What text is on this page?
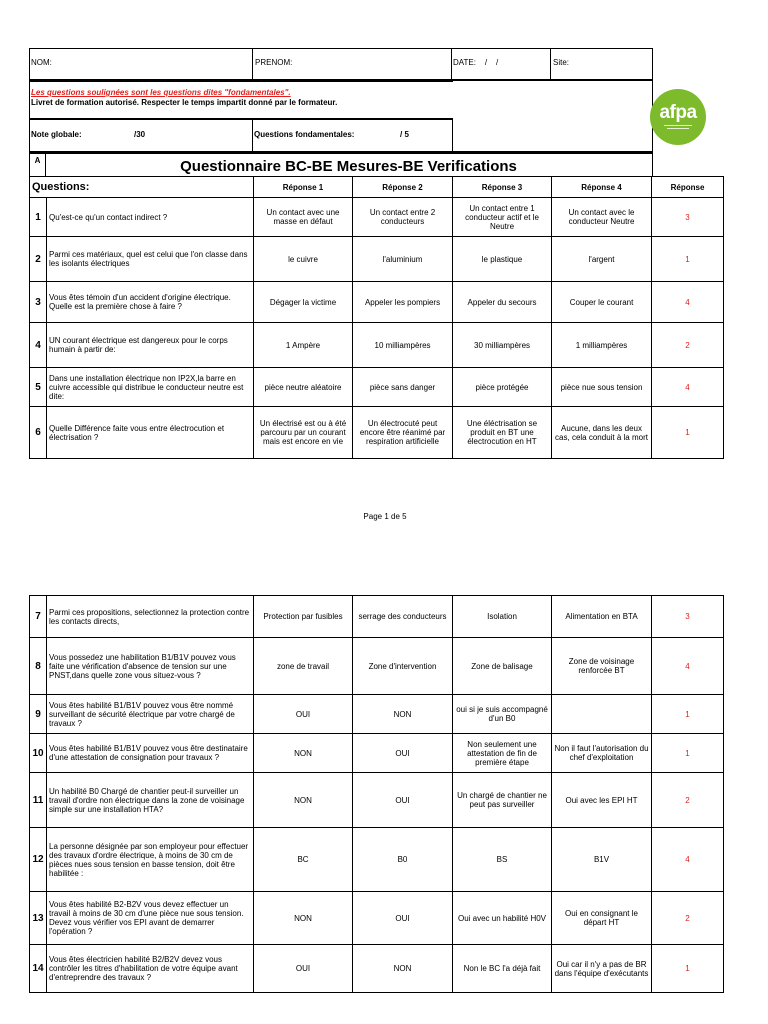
NOM:	PRENOM:	DATE:    /    /	Site:
Les questions soulignées sont les questions dites "fondamentales".
Livret de formation autorisé. Respecter le temps impartit donné par le formateur.
Note globale:	/30	Questions fondamentales:	/ 5
afpa
A	Questionnaire BC-BE Mesures-BE Verifications
Questions:		Réponse 1	Réponse 2	Réponse 3	Réponse 4	Réponse
1	Qu'est-ce qu'un contact indirect ?	Un contact avec une masse en défaut	Un contact entre 2 conducteurs	Un contact entre 1 conducteur actif et le Neutre	Un contact avec le conducteur Neutre	3
2	Parmi ces matériaux, quel est celui que l'on classe dans les isolants électriques	le cuivre	l'aluminium	le plastique	l'argent	1
3	Vous êtes témoin d'un accident d'origine électrique. Quelle est la première chose à faire ?	Dégager la victime	Appeler les pompiers	Appeler du secours	Couper le courant	4
4	UN courant électrique est dangereux pour le corps humain à partir de:	1 Ampère	10 milliampères	30 milliampères	1 milliampères	2
5	Dans une installation électrique non IP2X,la barre en cuivre accessible qui distribue le conducteur neutre est dite:	pièce neutre aléatoire	pièce sans danger	pièce protégée	pièce nue sous tension	4
6	Quelle Différence faite vous entre électrocution et électrisation ?	Un électrisé est ou à été parcouru par un courant mais est encore en vie	Un électrocuté peut encore être réanimé par respiration artificielle	Une éléctrisation se produit en BT une électrocution en HT	Aucune, dans les deux cas, cela conduit à la mort	1
Page 1 de 5
7	Parmi ces propositions, selectionnez la protection contre les contacts directs,	Protection par fusibles	serrage des conducteurs	Isolation	Alimentation en BTA	3
8	Vous possedez une habilitation B1/B1V pouvez vous faite une vérification d'absence de tension sur une PNST,dans quelle zone vous situez-vous ?	zone de travail	Zone d'intervention	Zone de balisage	Zone de voisinage renforcée BT	4
9	Vous êtes habilité B1/B1V pouvez vous être nommé surveillant de sécurité électrique par votre chargé de travaux ?	OUI	NON	oui si je suis accompagné d'un B0		1
10	Vous êtes habilité B1/B1V pouvez vous être destinataire d'une attestation de consignation pour travaux ?	NON	OUI	Non seulement une attestation de fin de première étape	Non il faut l'autorisation du chef d'exploitation	1
11	Un habilité B0 Chargé de chantier peut-il surveiller un travail d'ordre non électrique dans la zone de voisinage simple sur une installation HTA?	NON	OUI	Un chargé de chantier ne peut pas surveiller	Oui avec les EPI HT	2
12	La personne désignée par son employeur pour effectuer des travaux d'ordre électrique, à moins de 30 cm de pièces nues sous tension en basse tension, doit être habilitée :	BC	B0	BS	B1V	4
13	Vous êtes habilité B2-B2V vous devez effectuer un travail à moins de 30 cm d'une pièce nue sous tension. Devez vous vérifier vos EPI avant de demarrer l'opération ?	NON	OUI	Oui avec un habilité H0V	Oui en consignant le départ HT	2
14	Vous êtes électricien habilité B2/B2V devez vous contrôler les titres d'habilitation de votre équipe avant d'entreprendre des travaux ?	OUI	NON	Non le BC l'a déjà fait	Oui car il n'y a pas de BR dans l'équipe d'exécutants	1
